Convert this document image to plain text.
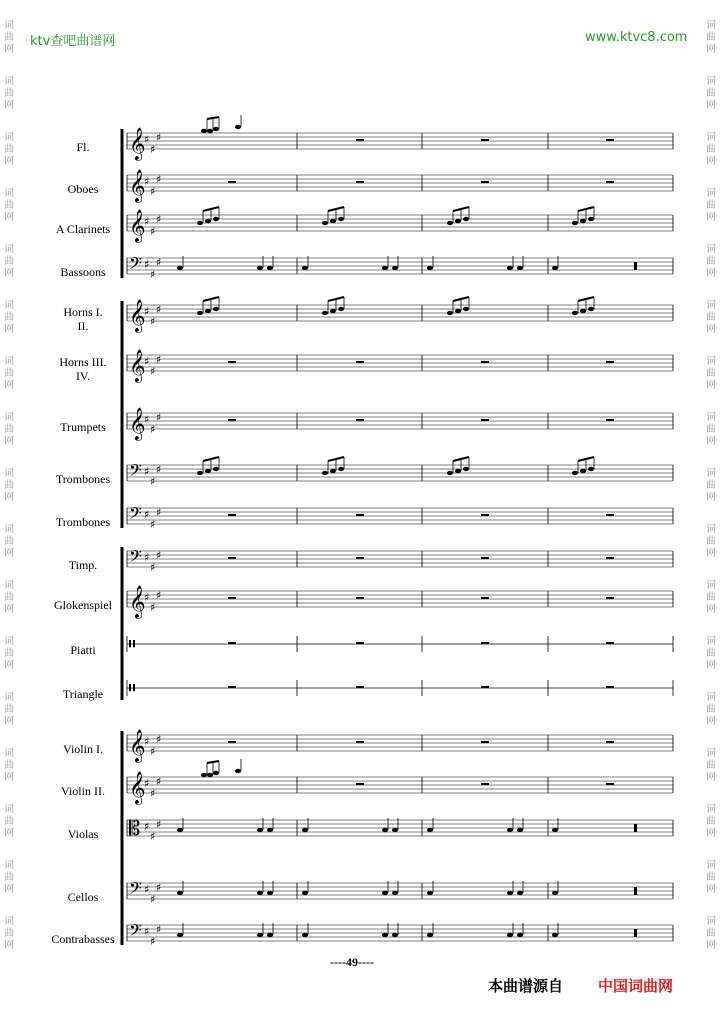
ktv查吧曲谱网	www.ktvc8.com
词
曲
网
词
曲
网
词
曲
网
词
曲
网
词
曲
网
词
曲
网
词
曲
网
词
曲
网
词
曲
网
词
曲
网
词
曲
网
词
曲
网
词
曲
网
词
曲
网
词
曲
网
词
曲
网
词
曲
网
词
曲
网
词
曲
网
词
曲
网
词
曲
网
词
曲
网
词
曲
网
词
曲
网
词
曲
网
词
曲
网
词
曲
网
词
曲
网
词
曲
网
词
曲
网
词
曲
网
词
曲
网
词
曲
网
词
曲
网
Fl.
Oboes
A Clarinets
Bassoons
Horns I.
II.
Horns III.
IV.
Trumpets
Trombones
Trombones
Timp.
Glokenspiel
Piatti
Triangle
Violin I.
Violin II.
Violas
Cellos
Contrabasses
𝄞
♯
♯
♯
𝄞
♯
♯
♯
𝄞
♯
♯
♯
𝄢 ♯
♯
♯
𝄞
♯
♯
♯
𝄞
♯
♯
♯
𝄞
♯
♯
♯
𝄢 ♯
♯
♯
𝄢 ♯
♯
♯
𝄢 ♯
♯
♯
𝄞
♯
♯
♯
𝄥
𝄥
𝄞
♯
♯
♯
𝄞
♯
♯
♯
𝄡 ♯
♯
♯
𝄢 ♯
♯
♯
𝄢 ♯
♯
♯
----49----
本曲谱源自 中国词曲网
